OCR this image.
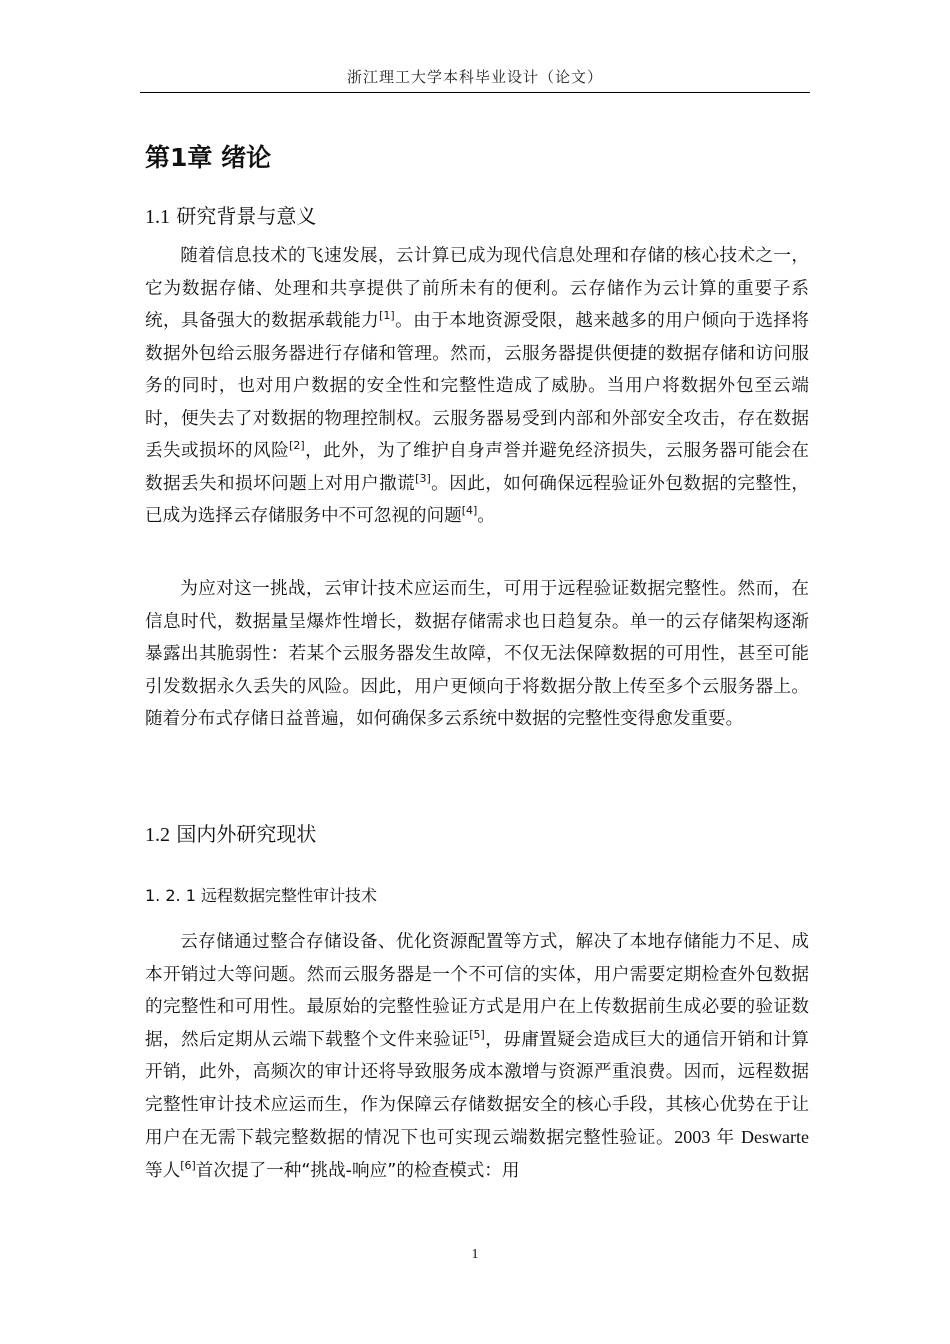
浙江理工大学本科毕业设计（论文）
第1章 绪论
1.1 研究背景与意义
随着信息技术的飞速发展，云计算已成为现代信息处理和存储的核心技术之一，它为数据存储、处理和共享提供了前所未有的便利。云存储作为云计算的重要子系统，具备强大的数据承载能力[1]。由于本地资源受限，越来越多的用户倾向于选择将数据外包给云服务器进行存储和管理。然而，云服务器提供便捷的数据存储和访问服务的同时，也对用户数据的安全性和完整性造成了威胁。当用户将数据外包至云端时，便失去了对数据的物理控制权。云服务器易受到内部和外部安全攻击，存在数据丢失或损坏的风险[2]，此外，为了维护自身声誉并避免经济损失，云服务器可能会在数据丢失和损坏问题上对用户撒谎[3]。因此，如何确保远程验证外包数据的完整性，已成为选择云存储服务中不可忽视的问题[4]。
为应对这一挑战，云审计技术应运而生，可用于远程验证数据完整性。然而，在信息时代，数据量呈爆炸性增长，数据存储需求也日趋复杂。单一的云存储架构逐渐暴露出其脆弱性：若某个云服务器发生故障，不仅无法保障数据的可用性，甚至可能引发数据永久丢失的风险。因此，用户更倾向于将数据分散上传至多个云服务器上。随着分布式存储日益普遍，如何确保多云系统中数据的完整性变得愈发重要。
1.2 国内外研究现状
1. 2. 1 远程数据完整性审计技术
云存储通过整合存储设备、优化资源配置等方式，解决了本地存储能力不足、成本开销过大等问题。然而云服务器是一个不可信的实体，用户需要定期检查外包数据的完整性和可用性。最原始的完整性验证方式是用户在上传数据前生成必要的验证数据，然后定期从云端下载整个文件来验证[5]，毋庸置疑会造成巨大的通信开销和计算开销，此外，高频次的审计还将导致服务成本激增与资源严重浪费。因而，远程数据完整性审计技术应运而生，作为保障云存储数据安全的核心手段，其核心优势在于让用户在无需下载完整数据的情况下也可实现云端数据完整性验证。2003 年 Deswarte 等人[6]首次提了一种“挑战-响应”的检查模式：用
1
